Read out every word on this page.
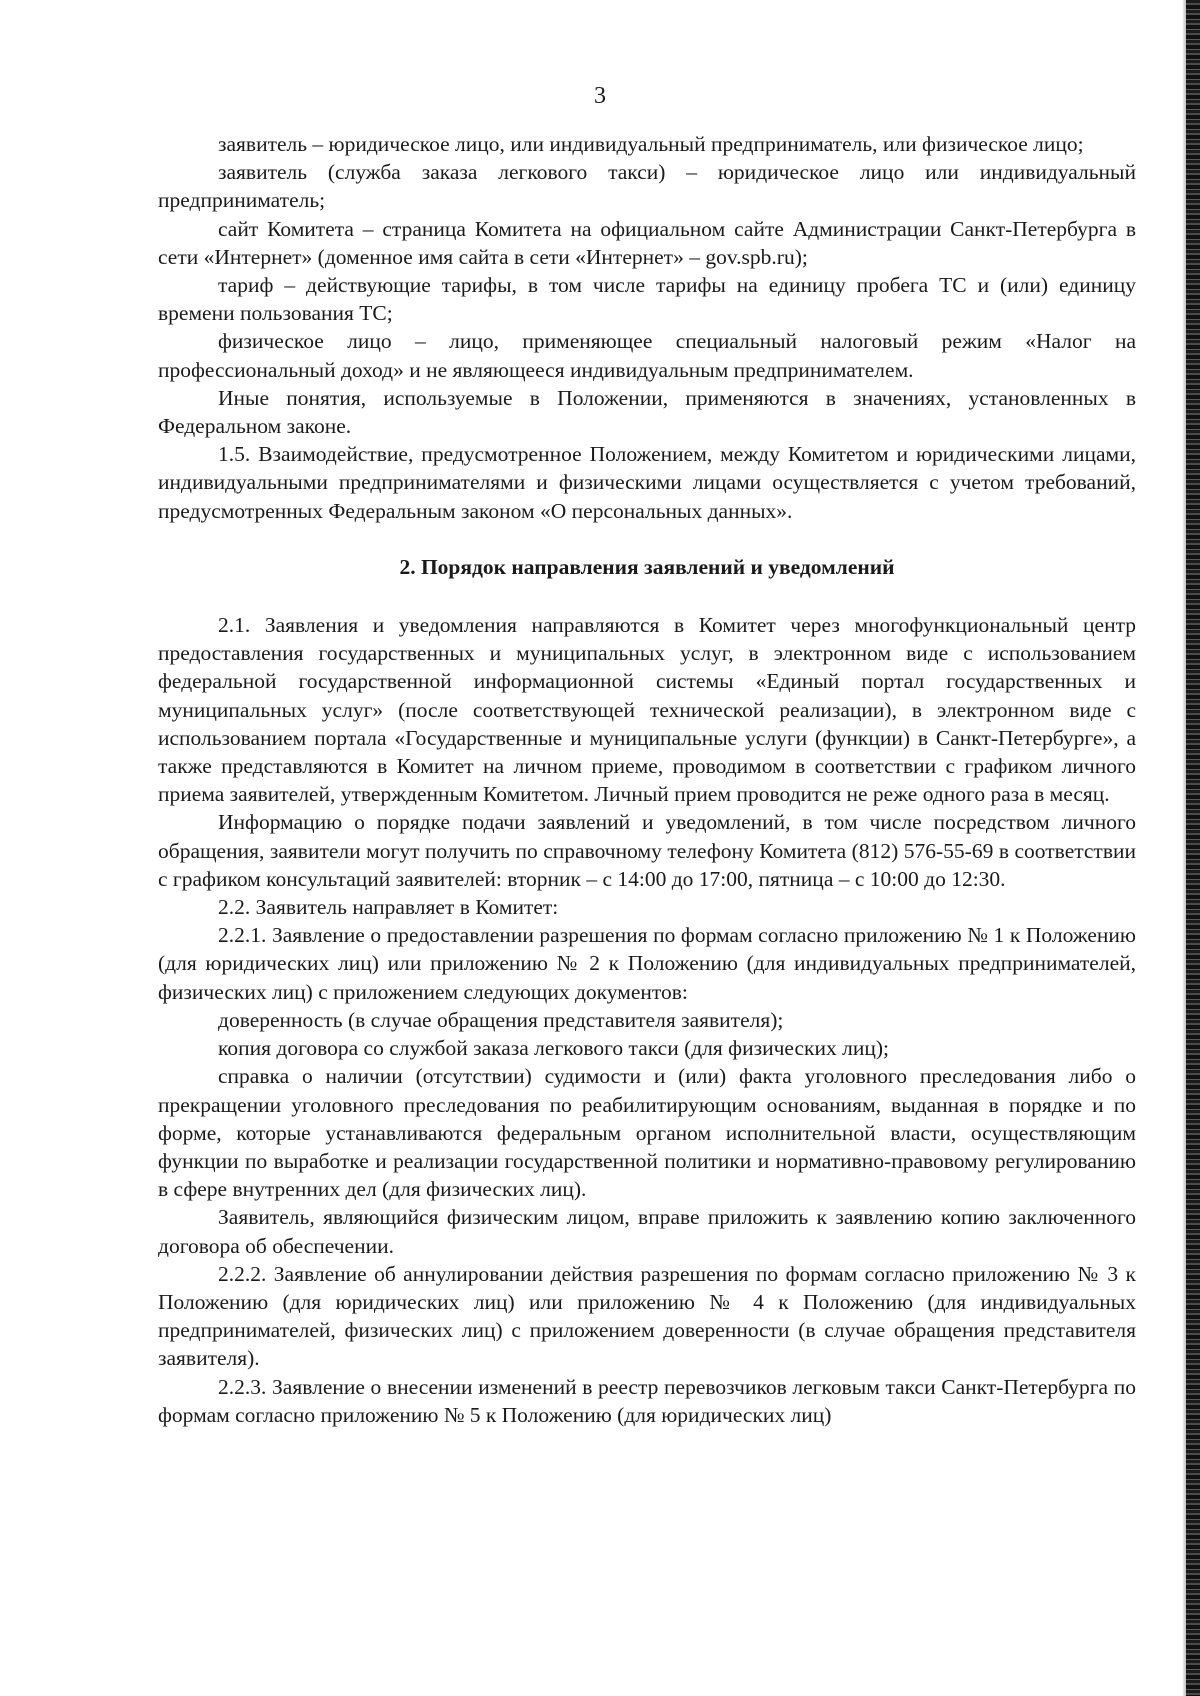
3

заявитель – юридическое лицо, или индивидуальный предприниматель, или физическое лицо;

заявитель (служба заказа легкового такси) – юридическое лицо или индивидуальный предприниматель;

сайт Комитета – страница Комитета на официальном сайте Администрации Санкт-Петербурга в сети «Интернет» (доменное имя сайта в сети «Интернет» – gov.spb.ru);

тариф – действующие тарифы, в том числе тарифы на единицу пробега ТС и (или) единицу времени пользования ТС;

физическое лицо – лицо, применяющее специальный налоговый режим «Налог на профессиональный доход» и не являющееся индивидуальным предпринимателем.

Иные понятия, используемые в Положении, применяются в значениях, установленных в Федеральном законе.

1.5. Взаимодействие, предусмотренное Положением, между Комитетом и юридическими лицами, индивидуальными предпринимателями и физическими лицами осуществляется с учетом требований, предусмотренных Федеральным законом «О персональных данных».

2. Порядок направления заявлений и уведомлений

2.1. Заявления и уведомления направляются в Комитет через многофункциональный центр предоставления государственных и муниципальных услуг, в электронном виде с использованием федеральной государственной информационной системы «Единый портал государственных и муниципальных услуг» (после соответствующей технической реализации), в электронном виде с использованием портала «Государственные и муниципальные услуги (функции) в Санкт-Петербурге», а также представляются в Комитет на личном приеме, проводимом в соответствии с графиком личного приема заявителей, утвержденным Комитетом. Личный прием проводится не реже одного раза в месяц.

Информацию о порядке подачи заявлений и уведомлений, в том числе посредством личного обращения, заявители могут получить по справочному телефону Комитета (812) 576-55-69 в соответствии с графиком консультаций заявителей: вторник – с 14:00 до 17:00, пятница – с 10:00 до 12:30.

2.2. Заявитель направляет в Комитет:

2.2.1. Заявление о предоставлении разрешения по формам согласно приложению № 1 к Положению (для юридических лиц) или приложению № 2 к Положению (для индивидуальных предпринимателей, физических лиц) с приложением следующих документов:

доверенность (в случае обращения представителя заявителя);

копия договора со службой заказа легкового такси (для физических лиц);

справка о наличии (отсутствии) судимости и (или) факта уголовного преследования либо о прекращении уголовного преследования по реабилитирующим основаниям, выданная в порядке и по форме, которые устанавливаются федеральным органом исполнительной власти, осуществляющим функции по выработке и реализации государственной политики и нормативно-правовому регулированию в сфере внутренних дел (для физических лиц).

Заявитель, являющийся физическим лицом, вправе приложить к заявлению копию заключенного договора об обеспечении.

2.2.2. Заявление об аннулировании действия разрешения по формам согласно приложению № 3 к Положению (для юридических лиц) или приложению № 4 к Положению (для индивидуальных предпринимателей, физических лиц) с приложением доверенности (в случае обращения представителя заявителя).

2.2.3. Заявление о внесении изменений в реестр перевозчиков легковым такси Санкт-Петербурга по формам согласно приложению № 5 к Положению (для юридических лиц)
